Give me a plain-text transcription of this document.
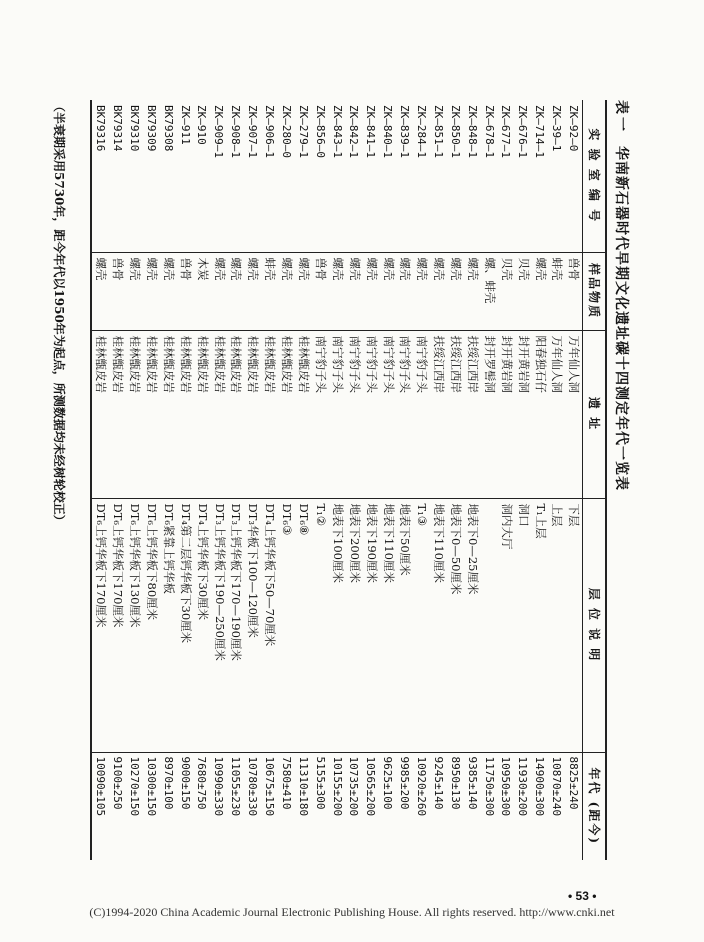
表一
华南新石器时代早期文化遗址碳十四测定年代一览表
实 验 室 编 号	样品物质	遗 址	层 位 说 明	年代 (距今)
ZK—92—0	兽骨	万年仙人洞	下层	8825±240
ZK—39—1	蚌壳	万年仙人洞	上层	10870±240
ZK—714—1	螺壳	阳春独石仔	T₁上层	14900±300
ZK—676—1	贝壳	封开黄岩洞	洞口	11930±200
ZK—677—1	贝壳	封开黄岩洞	洞内大厅	10950±300
ZK—678—1	螺、蚌壳	封开罗髻洞		11750±300
ZK—848—1	螺壳	扶绥江西岸	地表下0—25厘米	9385±140
ZK—850—1	螺壳	扶绥江西岸	地表下0—50厘米	8950±130
ZK—851—1	螺壳	扶绥江西岸	地表下110厘米	9245±140
ZK—284—1	螺壳	南宁豹子头	T₁③	10920±260
ZK—839—1	螺壳	南宁豹子头	地表下50厘米	9985±200
ZK—840—1	螺壳	南宁豹子头	地表下110厘米	9625±100
ZK—841—1	螺壳	南宁豹子头	地表下190厘米	10565±200
ZK—842—1	螺壳	南宁豹子头	地表下200厘米	10735±200
ZK—843—1	螺壳	南宁豹子头	地表下100厘米	10155±200
ZK—856—0	兽骨	南宁豹子头	T₁②	5155±300
ZK—279—1	螺壳	桂林甑皮岩	DT₆⑧	11310±180
ZK—280—0	螺壳	桂林甑皮岩	DT₆③	7580±410
ZK—906—1	蚌壳	桂林甑皮岩	DT₄上钙华板下50—70厘米	10675±150
ZK—907—1	螺壳	桂林甑皮岩	DT₃华板下100—120厘米	10780±330
ZK—908—1	螺壳	桂林甑皮岩	DT₃上钙华板下170—190厘米	11055±230
ZK—909—1	螺壳	桂林甑皮岩	DT₃上钙华板下190—250厘米	10990±330
ZK—910	木炭	桂林甑皮岩	DT₄上钙华板下30厘米	7680±750
ZK—911	兽骨	桂林甑皮岩	DT₄第二层钙华板下30厘米	9000±150
BK79308	螺壳	桂林甑皮岩	DT₆紧靠上钙华板	8970±100
BK79309	螺壳	桂林甑皮岩	DT₆上钙华板下80厘米	10300±150
BK79310	螺壳	桂林甑皮岩	DT₆上钙华板下130厘米	10270±150
BK79314	兽骨	桂林甑皮岩	DT₆上钙华板下170厘米	9100±250
BK79316	螺壳	桂林甑皮岩	DT₆上钙华板下170厘米	10090±105
（半衰期采用5730年，距今年代以1950年为起点，所测数据均未经树轮校正）
• 53 •
(C)1994-2020 China Academic Journal Electronic Publishing House. All rights reserved. http://www.cnki.net
